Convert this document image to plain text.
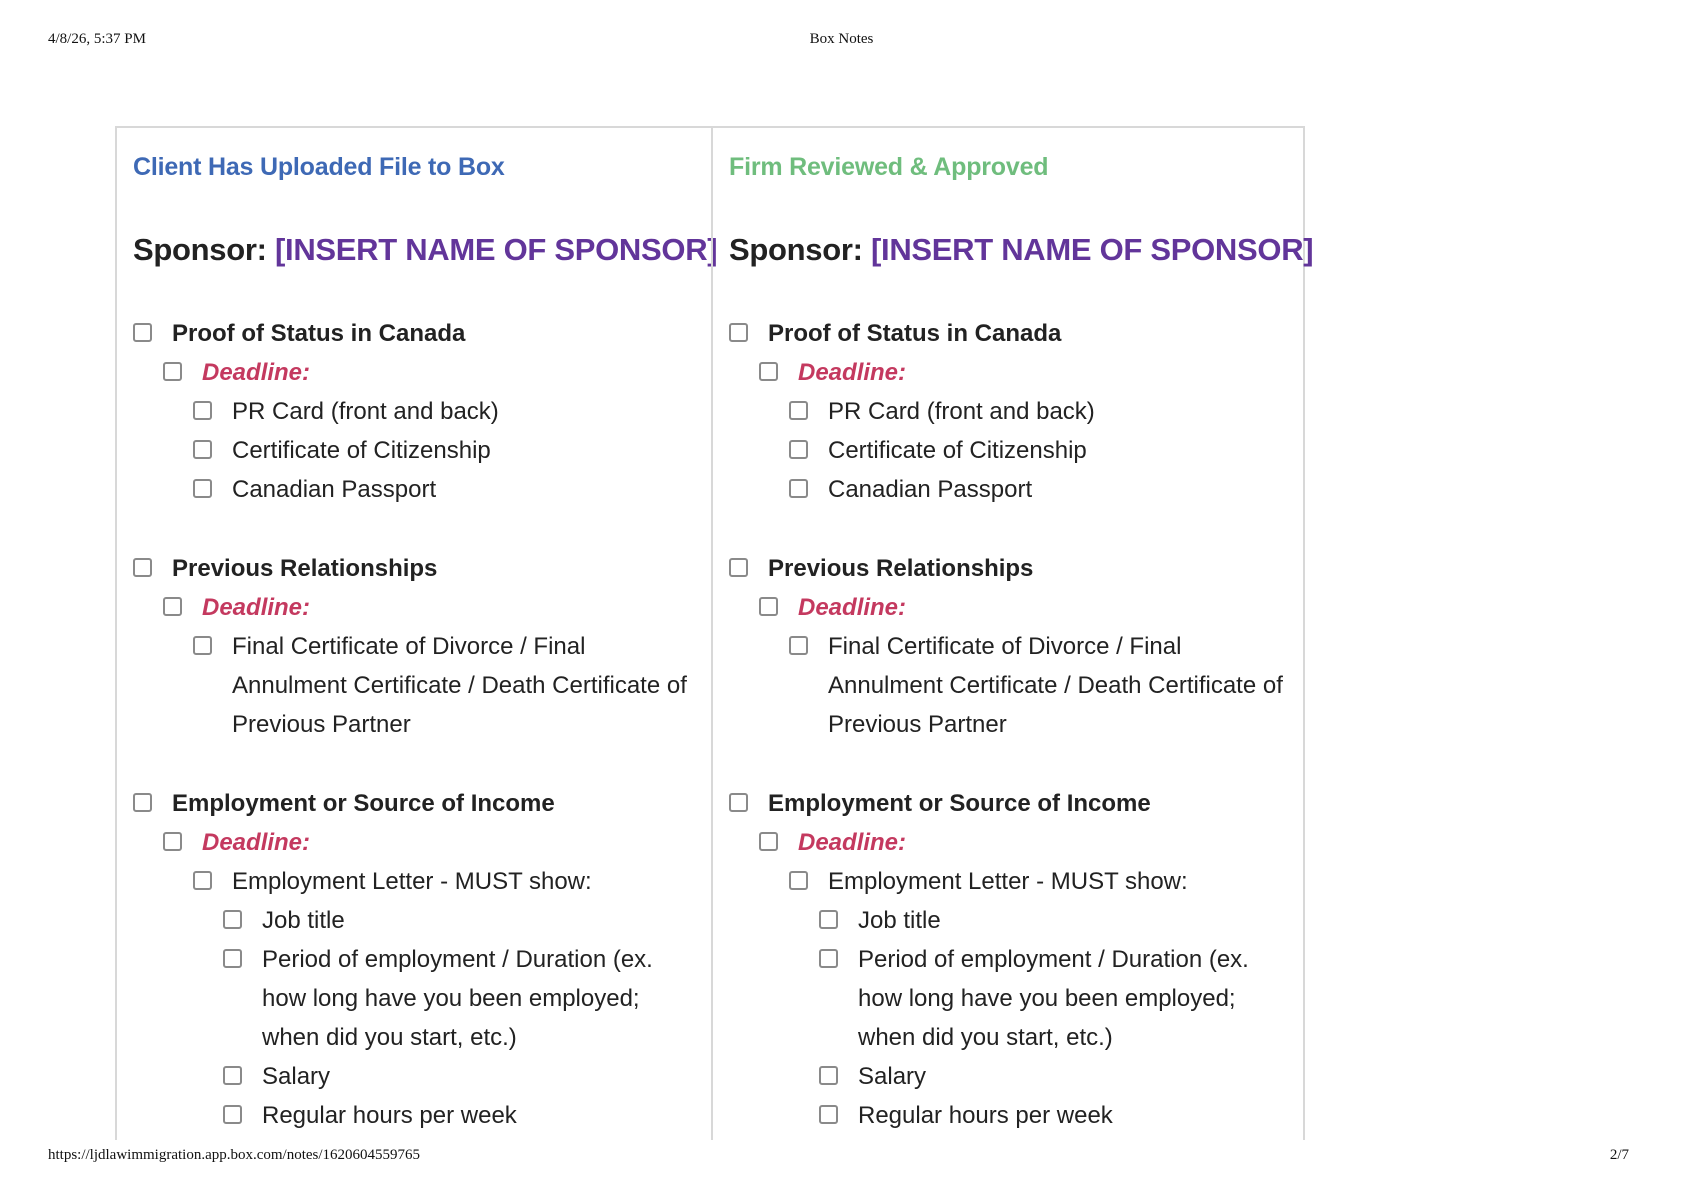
4/8/26, 5:37 PM	Box Notes
Client Has Uploaded File to Box
Sponsor: [INSERT NAME OF SPONSOR]
Proof of Status in Canada
Deadline:
PR Card (front and back)
Certificate of Citizenship
Canadian Passport
Previous Relationships
Deadline:
Final Certificate of Divorce / Final Annulment Certificate / Death Certificate of Previous Partner
Employment or Source of Income
Deadline:
Employment Letter - MUST show:
Job title
Period of employment / Duration (ex. how long have you been employed; when did you start, etc.)
Salary
Regular hours per week
Firm Reviewed & Approved
Sponsor: [INSERT NAME OF SPONSOR]
Proof of Status in Canada
Deadline:
PR Card (front and back)
Certificate of Citizenship
Canadian Passport
Previous Relationships
Deadline:
Final Certificate of Divorce / Final Annulment Certificate / Death Certificate of Previous Partner
Employment or Source of Income
Deadline:
Employment Letter - MUST show:
Job title
Period of employment / Duration (ex. how long have you been employed; when did you start, etc.)
Salary
Regular hours per week
https://ljdlawimmigration.app.box.com/notes/1620604559765	2/7
